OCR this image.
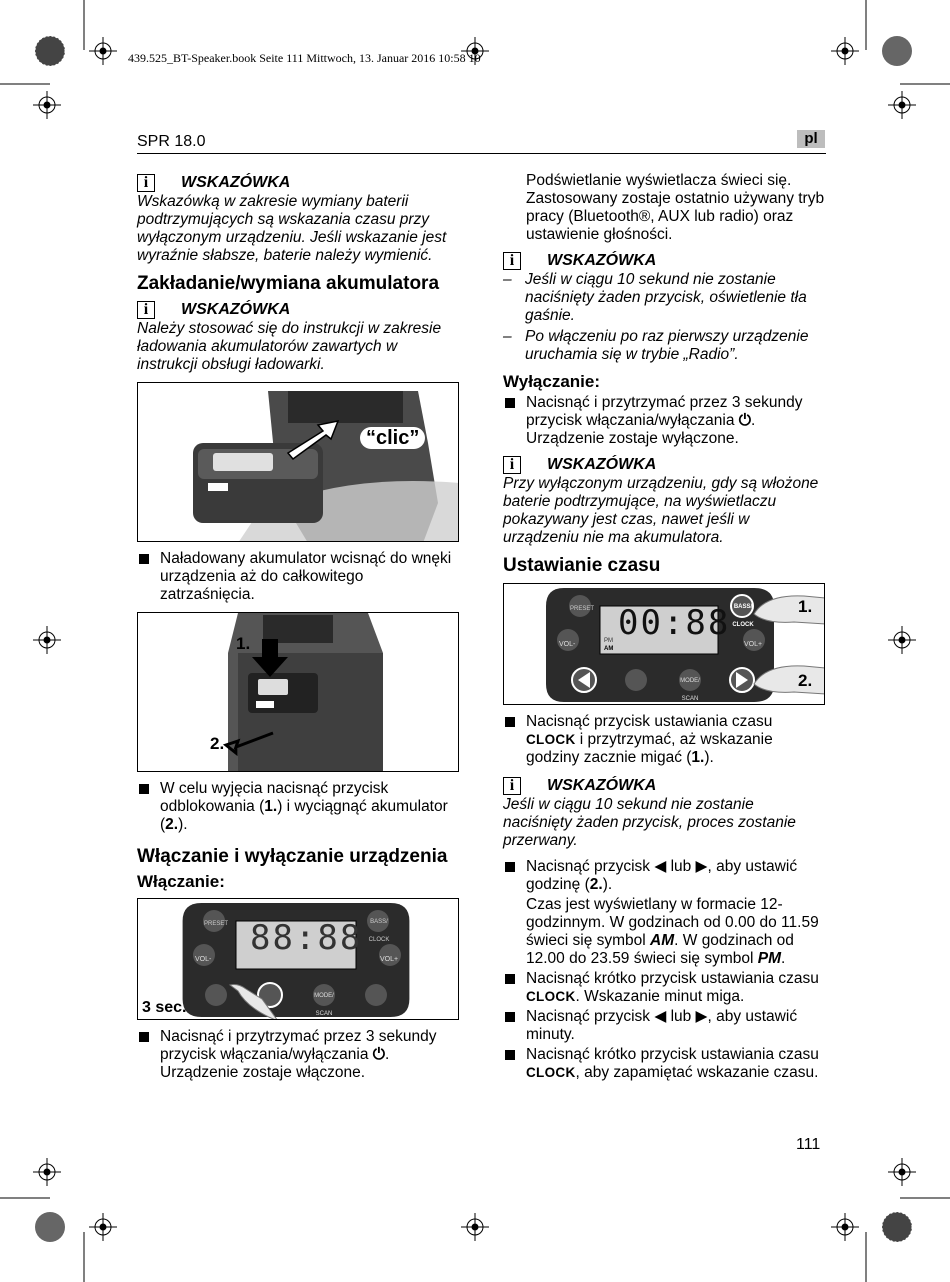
439.525_BT-Speaker.book Seite 111 Mittwoch, 13. Januar 2016 10:58 10
SPR 18.0	pl
111
i	WSKAZÓWKA
Wskazówką w zakresie wymiany baterii podtrzymujących są wskazania czasu przy wyłączonym urządzeniu. Jeśli wskazanie jest wyraźnie słabsze, baterie należy wymienić.
Zakładanie/wymiana akumulatora
i	WSKAZÓWKA
Należy stosować się do instrukcji w zakresie ładowania akumulatorów zawartych w instrukcji obsługi ładowarki.
“clic”
Naładowany akumulator wcisnąć do wnęki urządzenia aż do całkowitego zatrzaśnięcia.
1.
2.
W celu wyjęcia nacisnąć przycisk odblokowania (1.) i wyciągnąć akumulator (2.).
Włączanie i wyłączanie urządzenia
Włączanie:
88:88
PRESET	BASS/ CLOCK
VOL-	VOL+
MODE/ SCAN
3 sec.
Nacisnąć i przytrzymać przez 3 sekundy przycisk włączania/wyłączania ⏻. Urządzenie zostaje włączone.
Podświetlanie wyświetlacza świeci się. Zastosowany zostaje ostatnio używany tryb pracy (Bluetooth®, AUX lub radio) oraz ustawienie głośności.
i	WSKAZÓWKA
– Jeśli w ciągu 10 sekund nie zostanie naciśnięty żaden przycisk, oświetlenie tła gaśnie.
– Po włączeniu po raz pierwszy urządzenie uruchamia się w trybie „Radio”.
Wyłączanie:
Nacisnąć i przytrzymać przez 3 sekundy przycisk włączania/wyłączania ⏻. Urządzenie zostaje wyłączone.
i	WSKAZÓWKA
Przy wyłączonym urządzeniu, gdy są włożone baterie podtrzymujące, na wyświetlaczu pokazywany jest czas, nawet jeśli w urządzeniu nie ma akumulatora.
Ustawianie czasu
00:88
PM
AM
PRESET	BASS/ CLOCK
VOL-	VOL+
MODE/ SCAN
1.
2.
Nacisnąć przycisk ustawiania czasu CLOCK i przytrzymać, aż wskazanie godziny zacznie migać (1.).
i	WSKAZÓWKA
Jeśli w ciągu 10 sekund nie zostanie naciśnięty żaden przycisk, proces zostanie przerwany.
Nacisnąć przycisk ◀ lub ▶, aby ustawić godzinę (2.).
Czas jest wyświetlany w formacie 12-godzinnym. W godzinach od 0.00 do 11.59 świeci się symbol AM. W godzinach od 12.00 do 23.59 świeci się symbol PM.
Nacisnąć krótko przycisk ustawiania czasu CLOCK. Wskazanie minut miga.
Nacisnąć przycisk ◀ lub ▶, aby ustawić minuty.
Nacisnąć krótko przycisk ustawiania czasu CLOCK, aby zapamiętać wskazanie czasu.
